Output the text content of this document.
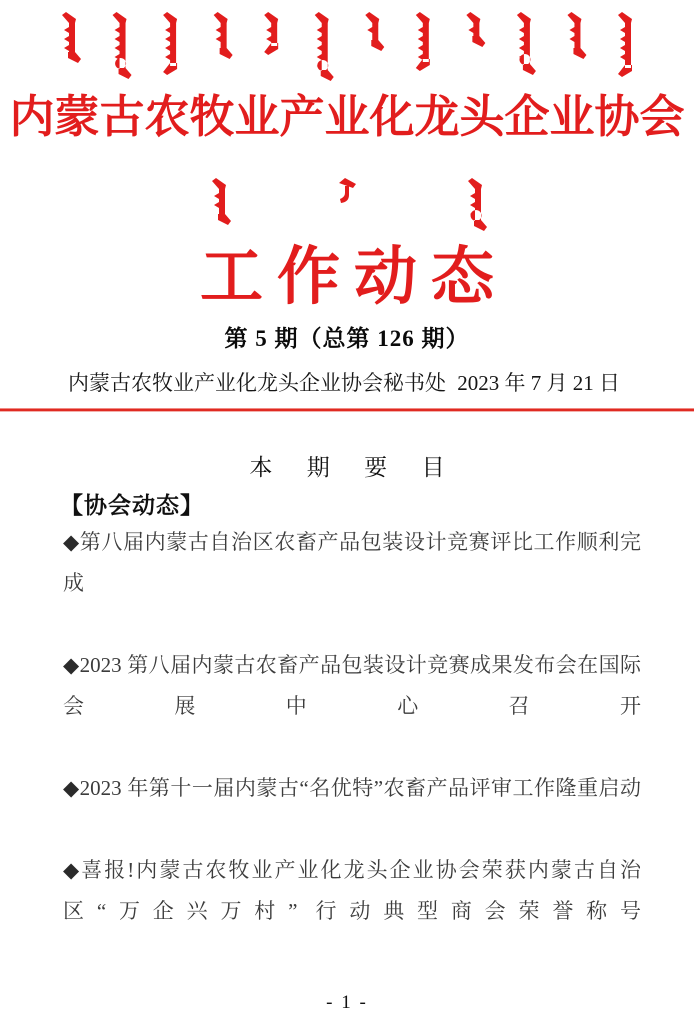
内蒙古农牧业产业化龙头企业协会
工作动态
第 5 期（总第 126 期）
内蒙古农牧业产业化龙头企业协会秘书处 2023 年 7 月 21 日
本 期 要 目
【协会动态】

◆第八届内蒙古自治区农畜产品包装设计竞赛评比工作顺利完成

◆2023 第八届内蒙古农畜产品包装设计竞赛成果发布会在国际会展中心召开

◆2023 年第十一届内蒙古“名优特”农畜产品评审工作隆重启动

◆喜报!内蒙古农牧业产业化龙头企业协会荣获内蒙古自治区“万企兴万村” 行动典型商会荣誉称号

- 1 -
